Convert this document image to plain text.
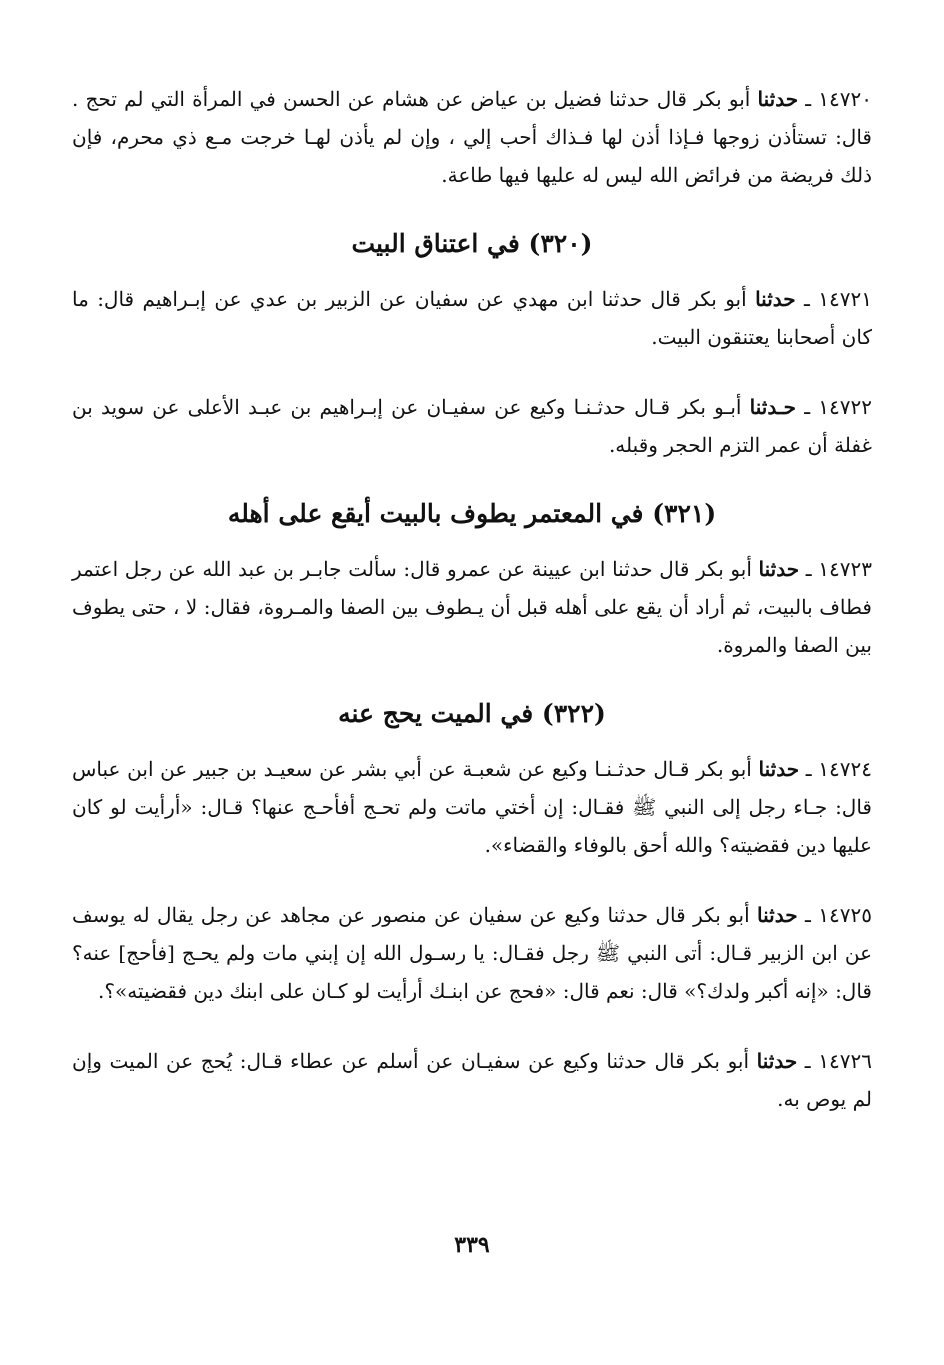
١٤٧٢٠ ـ حدثنا أبو بكر قال حدثنا فضيل بن عياض عن هشام عن الحسن في المرأة التي لم تحج . قال: تستأذن زوجها فـإذا أذن لها فـذاك أحب إلي ، وإن لم يأذن لهـا خرجت مـع ذي محرم، فإن ذلك فريضة من فرائض الله ليس له عليها فيها طاعة.

(٣٢٠) في اعتناق البيت

١٤٧٢١ ـ حدثنا أبو بكر قال حدثنا ابن مهدي عن سفيان عن الزبير بن عدي عن إبـراهيم قال: ما كان أصحابنا يعتنقون البيت.

١٤٧٢٢ ـ حـدثنا أبـو بكر قـال حدثـنـا وكيع عن سفيـان عن إبـراهيم بن عبـد الأعلى عن سويد بن غفلة أن عمر التزم الحجر وقبله.

(٣٢١) في المعتمر يطوف بالبيت أيقع على أهله

١٤٧٢٣ ـ حدثنا أبو بكر قال حدثنا ابن عيينة عن عمرو قال: سألت جابـر بن عبد الله عن رجل اعتمر فطاف بالبيت، ثم أراد أن يقع على أهله قبل أن يـطوف بين الصفا والمـروة، فقال: لا ، حتى يطوف بين الصفا والمروة.

(٣٢٢) في الميت يحج عنه

١٤٧٢٤ ـ حدثنا أبو بكر قـال حدثـنـا وكيع عن شعبـة عن أبي بشر عن سعيـد بن جبير عن ابن عباس قال: جـاء رجل إلى النبي ﷺ فقـال: إن أختي ماتت ولم تحـج أفأحـج عنها؟ قـال: «أرأيت لو كان عليها دين فقضيته؟ والله أحق بالوفاء والقضاء».

١٤٧٢٥ ـ حدثنا أبو بكر قال حدثنا وكيع عن سفيان عن منصور عن مجاهد عن رجل يقال له يوسف عن ابن الزبير قـال: أتى النبي ﷺ رجل فقـال: يا رسـول الله إن إبني مات ولم يحـج [فأحج] عنه؟ قال: «إنه أكبر ولدك؟» قال: نعم قال: «فحج عن ابنـك أرأيت لو كـان على ابنك دين فقضيته»؟.

١٤٧٢٦ ـ حدثنا أبو بكر قال حدثنا وكيع عن سفيـان عن أسلم عن عطاء قـال: يُحج عن الميت وإن لم يوص به.

٣٣٩
